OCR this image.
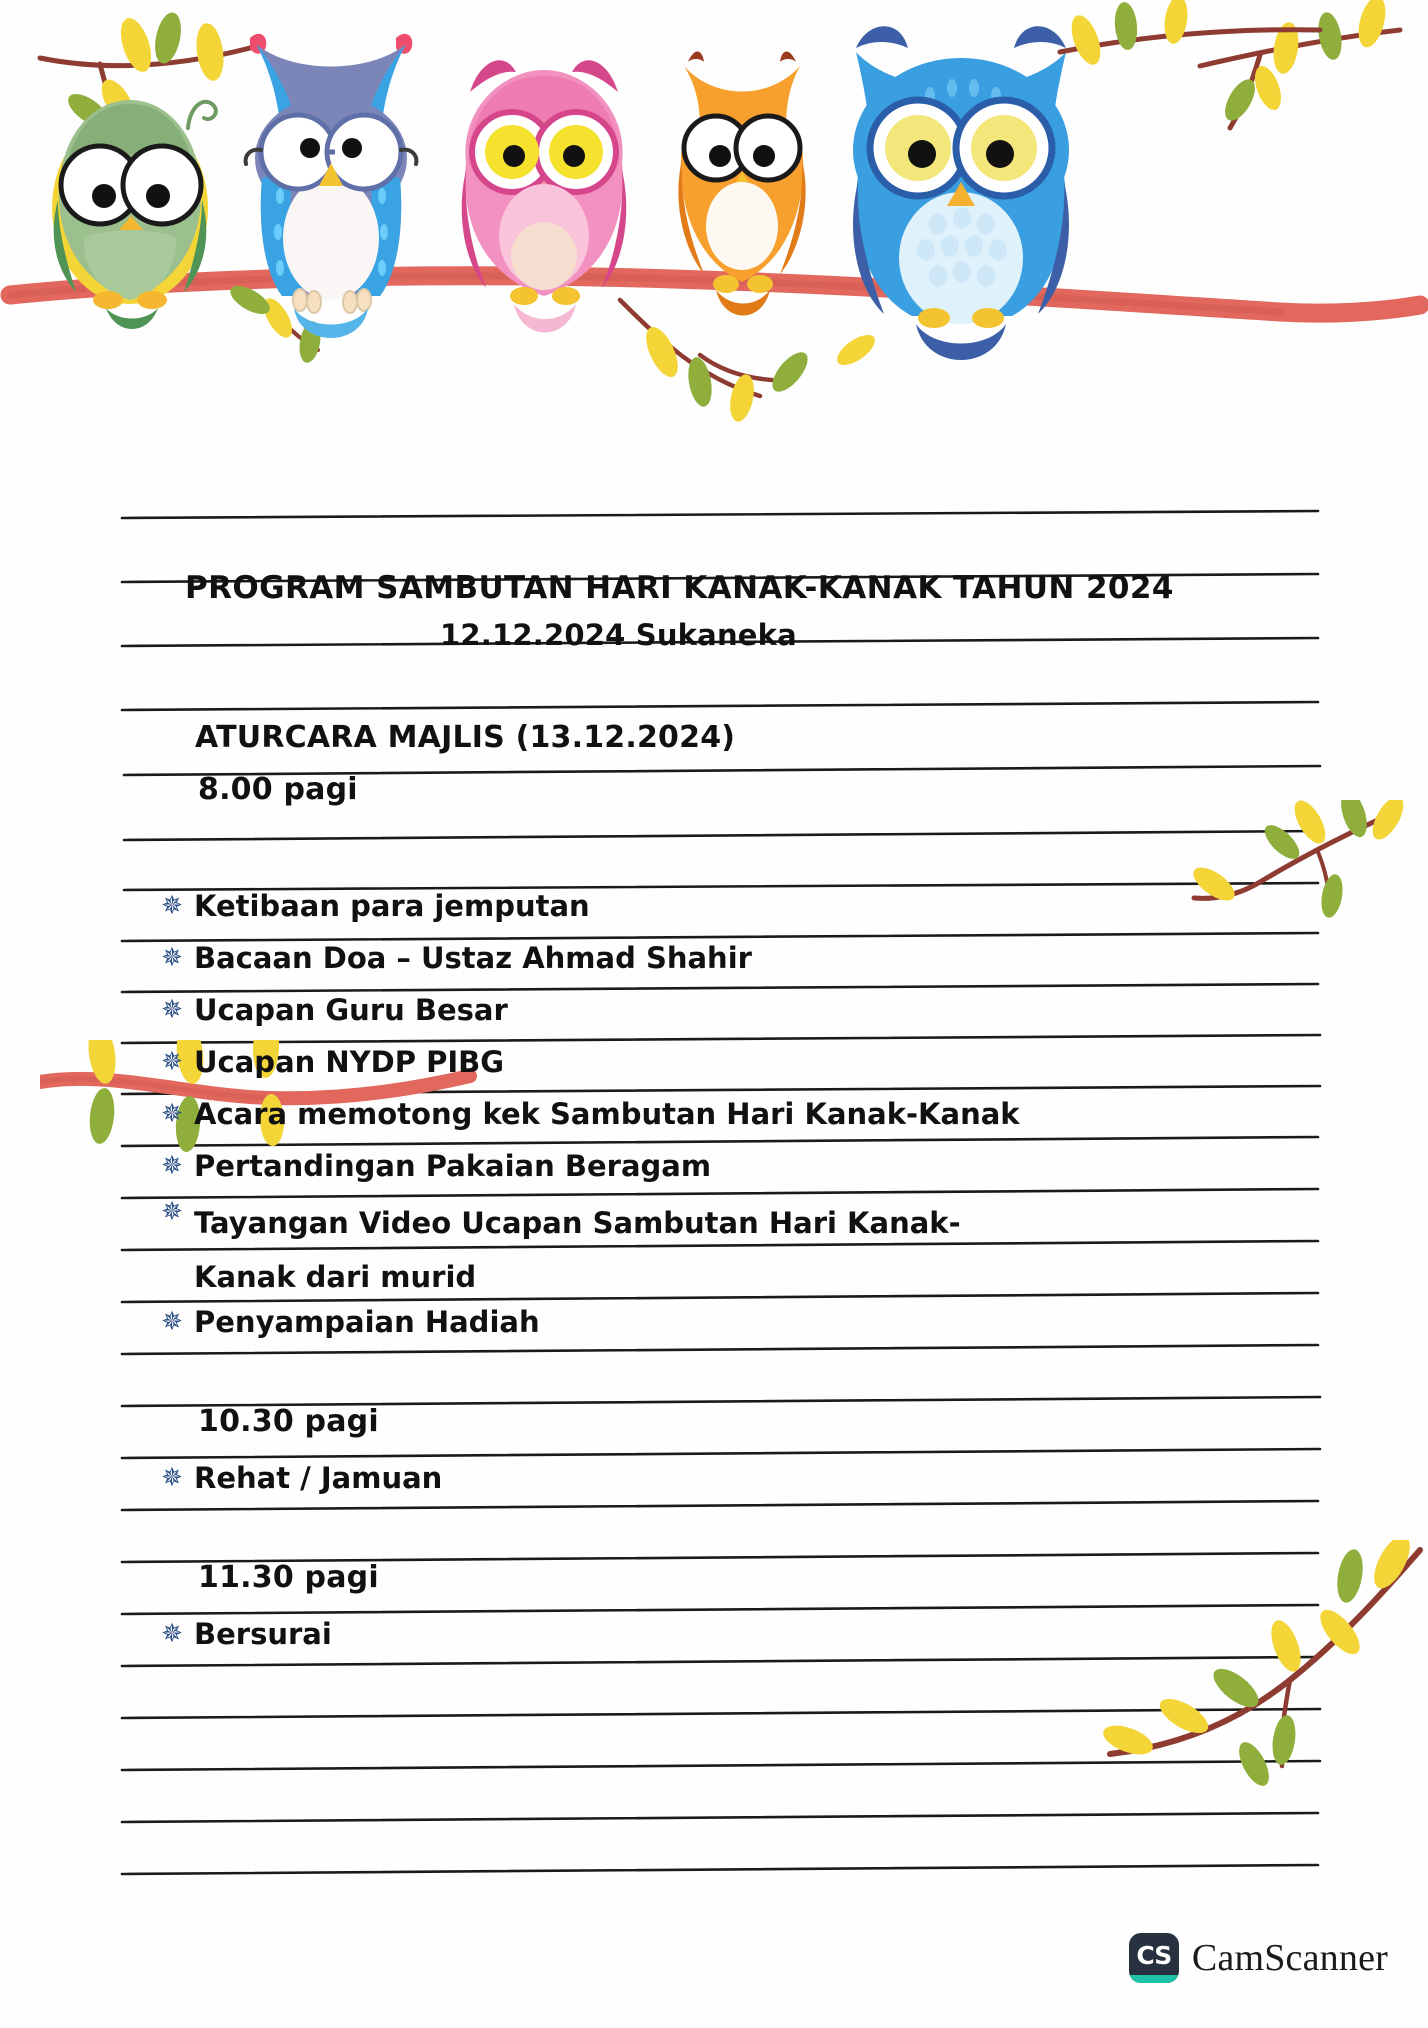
PROGRAM SAMBUTAN HARI KANAK-KANAK TAHUN 2024
12.12.2024 Sukaneka
ATURCARA MAJLIS (13.12.2024)
8.00 pagi
✵ Ketibaan para jemputan
✵ Bacaan Doa – Ustaz Ahmad Shahir
✵ Ucapan Guru Besar
✵ Ucapan NYDP PIBG
✵ Acara memotong kek Sambutan Hari Kanak-Kanak
✵ Pertandingan Pakaian Beragam
✵ Tayangan Video Ucapan Sambutan Hari Kanak-Kanak dari murid
✵ Penyampaian Hadiah
10.30 pagi
✵ Rehat / Jamuan
11.30 pagi
✵ Bersurai
CS CamScanner
